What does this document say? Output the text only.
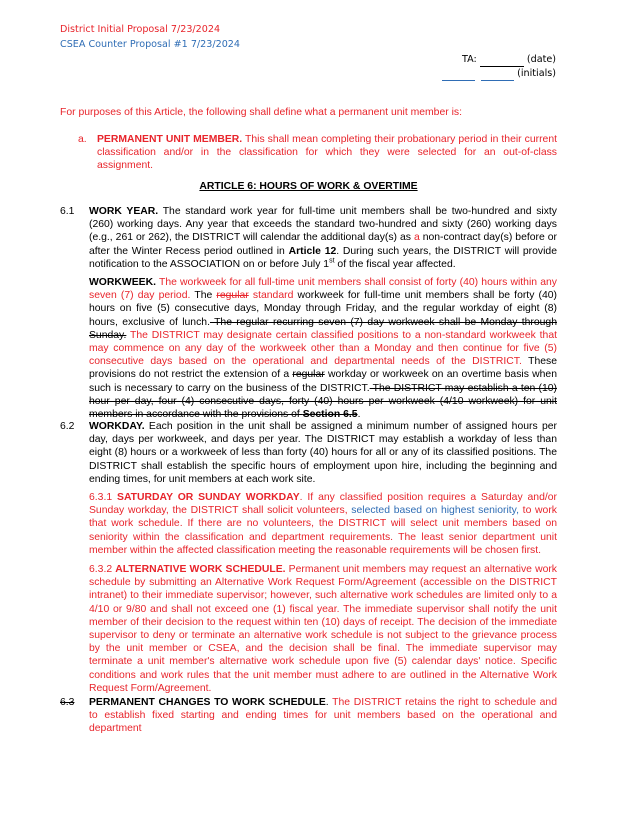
District Initial Proposal 7/23/2024
CSEA Counter Proposal #1 7/23/2024
TA:	(date)
(initials)
For purposes of this Article, the following shall define what a permanent unit member is:
a. PERMANENT UNIT MEMBER. This shall mean completing their probationary period in their current classification and/or in the classification for which they were selected for an out-of-class assignment.
ARTICLE 6: HOURS OF WORK & OVERTIME
6.1 WORK YEAR. The standard work year for full-time unit members shall be two-hundred and sixty (260) working days. Any year that exceeds the standard two-hundred and sixty (260) working days (e.g., 261 or 262), the DISTRICT will calendar the additional day(s) as a non-contract day(s) before or after the Winter Recess period outlined in Article 12. During such years, the DISTRICT will provide notification to the ASSOCIATION on or before July 1st of the fiscal year affected.
WORKWEEK. The workweek for all full-time unit members shall consist of forty (40) hours within any seven (7) day period. The regular standard workweek for full-time unit members shall be forty (40) hours on five (5) consecutive days, Monday through Friday, and the regular workday of eight (8) hours, exclusive of lunch. The regular recurring seven (7) day workweek shall be Monday through Sunday. The DISTRICT may designate certain classified positions to a non-standard workweek that may commence on any day of the workweek other than a Monday and then continue for five (5) consecutive days based on the operational and departmental needs of the DISTRICT. These provisions do not restrict the extension of a regular workday or workweek on an overtime basis when such is necessary to carry on the business of the DISTRICT. The DISTRICT may establish a ten (10) hour per day, four (4) consecutive days, forty (40) hours per workweek (4/10 workweek) for unit members in accordance with the provisions of Section 6.5.
6.2 WORKDAY. Each position in the unit shall be assigned a minimum number of assigned hours per day, days per workweek, and days per year. The DISTRICT may establish a workday of less than eight (8) hours or a workweek of less than forty (40) hours for all or any of its classified positions. The DISTRICT shall establish the specific hours of employment upon hire, including the beginning and ending times, for unit members at each work site.
6.3.1 SATURDAY OR SUNDAY WORKDAY. If any classified position requires a Saturday and/or Sunday workday, the DISTRICT shall solicit volunteers, selected based on highest seniority, to work that work schedule. If there are no volunteers, the DISTRICT will select unit members based on seniority within the classification and department requirements. The least senior department unit member within the affected classification meeting the reasonable requirements will be chosen first.
6.3.2 ALTERNATIVE WORK SCHEDULE. Permanent unit members may request an alternative work schedule by submitting an Alternative Work Request Form/Agreement (accessible on the DISTRICT intranet) to their immediate supervisor; however, such alternative work schedules are limited only to a 4/10 or 9/80 and shall not exceed one (1) fiscal year. The immediate supervisor shall notify the unit member of their decision to the request within ten (10) days of receipt. The decision of the immediate supervisor to deny or terminate an alternative work schedule is not subject to the grievance process by the unit member or CSEA, and the decision shall be final. The immediate supervisor may terminate a unit member's alternative work schedule upon five (5) calendar days' notice. Specific conditions and work rules that the unit member must adhere to are outlined in the Alternative Work Request Form/Agreement.
6.3 PERMANENT CHANGES TO WORK SCHEDULE. The DISTRICT retains the right to schedule and to establish fixed starting and ending times for unit members based on the operational and department
